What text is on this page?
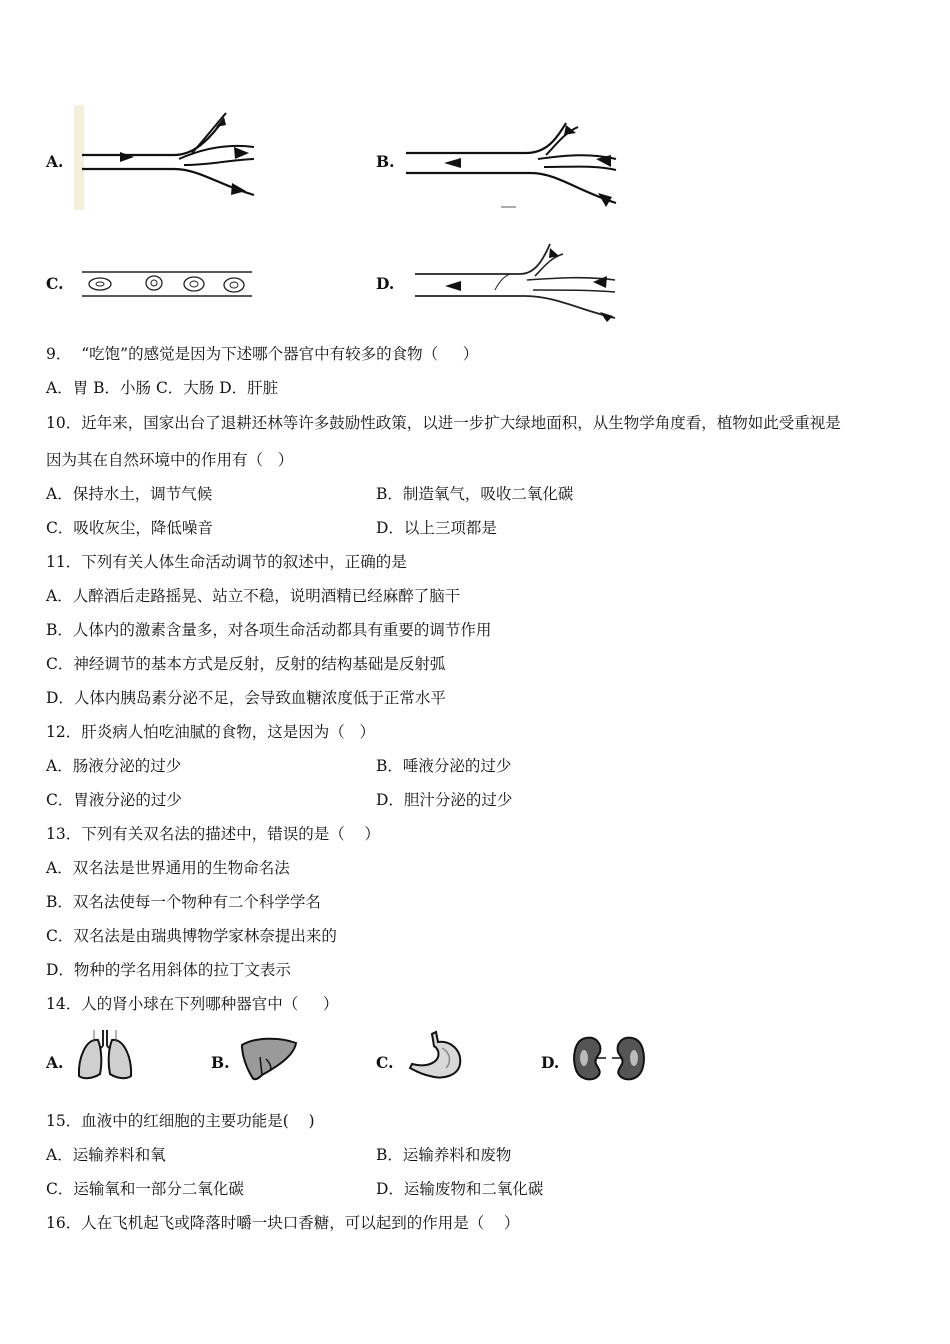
A.	B.
C.	D.
9．  “吃饱”的感觉是因为下述哪个器官中有较多的食物（     ）
A．胃 B．小肠 C．大肠 D．肝脏
10．近年来，国家出台了退耕还林等许多鼓励性政策，以进一步扩大绿地面积，从生物学角度看，植物如此受重视是
因为其在自然环境中的作用有（   ）
A．保持水土，调节气候	B．制造氧气，吸收二氧化碳
C．吸收灰尘，降低噪音	D．以上三项都是
11．下列有关人体生命活动调节的叙述中，正确的是
A．人醉酒后走路摇晃、站立不稳，说明酒精已经麻醉了脑干
B．人体内的激素含量多，对各项生命活动都具有重要的调节作用
C．神经调节的基本方式是反射，反射的结构基础是反射弧
D．人体内胰岛素分泌不足，会导致血糖浓度低于正常水平
12．肝炎病人怕吃油腻的食物，这是因为（   ）
A．肠液分泌的过少	B．唾液分泌的过少
C．胃液分泌的过少	D．胆汁分泌的过少
13．下列有关双名法的描述中，错误的是（    ）
A．双名法是世界通用的生物命名法
B．双名法使每一个物种有二个科学学名
C．双名法是由瑞典博物学家林奈提出来的
D．物种的学名用斜体的拉丁文表示
14．人的肾小球在下列哪种器官中（     ）
A.	B.	C.	D.
15．血液中的红细胞的主要功能是(    )
A．运输养料和氧	B．运输养料和废物
C．运输氧和一部分二氧化碳	D．运输废物和二氧化碳
16．人在飞机起飞或降落时嚼一块口香糖，可以起到的作用是（    ）
